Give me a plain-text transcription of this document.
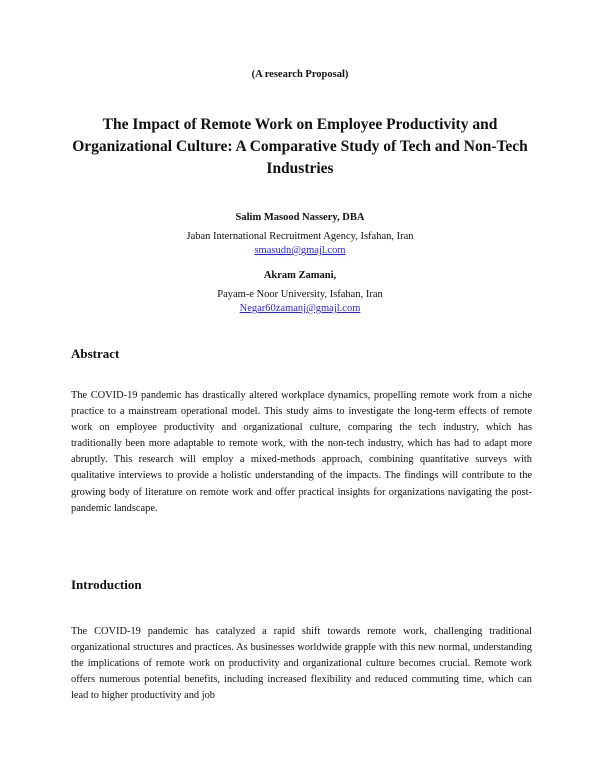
(A research Proposal)
The Impact of Remote Work on Employee Productivity and Organizational Culture: A Comparative Study of Tech and Non-Tech Industries
Salim Masood Nassery, DBA
Jaban International Recruitment Agency, Isfahan, Iran
smasudn@gmajl.com
Akram Zamani,
Payam-e Noor University, Isfahan, Iran
Negar60zamanj@gmajl.com
Abstract

The COVID-19 pandemic has drastically altered workplace dynamics, propelling remote work from a niche practice to a mainstream operational model. This study aims to investigate the long-term effects of remote work on employee productivity and organizational culture, comparing the tech industry, which has traditionally been more adaptable to remote work, with the non-tech industry, which has had to adapt more abruptly. This research will employ a mixed-methods approach, combining quantitative surveys with qualitative interviews to provide a holistic understanding of the impacts. The findings will contribute to the growing body of literature on remote work and offer practical insights for organizations navigating the post-pandemic landscape.

Introduction

The COVID-19 pandemic has catalyzed a rapid shift towards remote work, challenging traditional organizational structures and practices. As businesses worldwide grapple with this new normal, understanding the implications of remote work on productivity and organizational culture becomes crucial. Remote work offers numerous potential benefits, including increased flexibility and reduced commuting time, which can lead to higher productivity and job
